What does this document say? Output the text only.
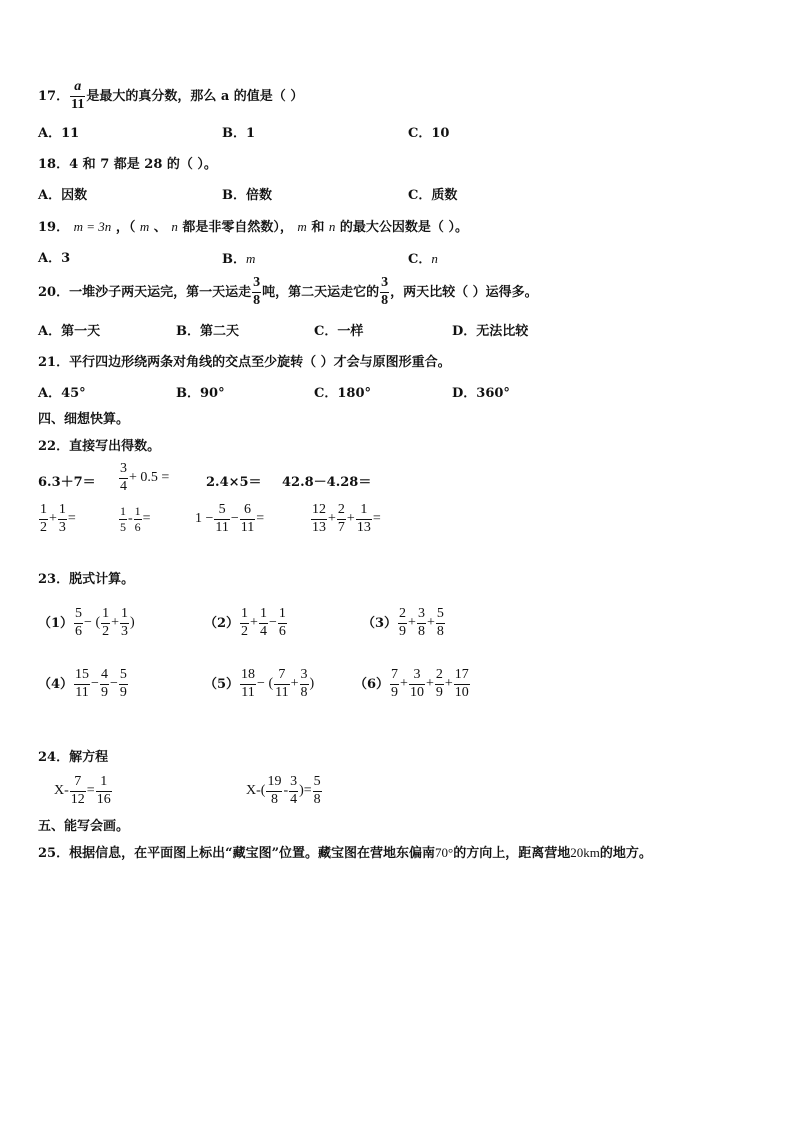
17． $\frac{a}{11}$ 是最大的真分数，那么 a 的值是（ ）
A．11	B．1	C．10
18．4 和 7 都是 28 的（ ）。
A．因数	B．倍数	C．质数
19． m = 3n ，（ m 、 n 都是非零自然数）， m 和 n 的最大公因数是（ ）。
A．3	B．m	C．n
20．一堆沙子两天运完，第一天运走 $\frac{3}{8}$ 吨，第二天运走它的 $\frac{3}{8}$ ，两天比较（ ）运得多。
A．第一天	B．第二天	C．一样	D．无法比较
21．平行四边形绕两条对角线的交点至少旋转（ ）才会与原图形重合。
A．45°	B．90°	C．180°	D．360°
四、细想快算。
22．直接写出得数。
$6.3+7= \frac{3}{4} + 0.5$ =	2.4×5＝ 42.8－4.28＝
$\frac{1}{2} + \frac{1}{3}$ =	$\frac{1}{5} - \frac{1}{6}$ =	$1 - \frac{5}{11} - \frac{6}{11}$ =	$\frac{12}{13} + \frac{2}{7} + \frac{1}{13}$ =
23．脱式计算。
$(1) \frac{5}{6}$ − ( $\frac{1}{2} + \frac{1}{3}$ )	$(2) \frac{1}{2} + \frac{1}{4} - \frac{1}{6}$	$(3) \frac{2}{9} + \frac{3}{8} + \frac{5}{8}$
$(4) \frac{15}{11} - \frac{4}{9} - \frac{5}{9}$	$(5) \frac{18}{11}$ − ( $\frac{7}{11} + \frac{3}{8}$ )	$(6) \frac{7}{9} + \frac{3}{10} + \frac{2}{9} + \frac{17}{10}$
24．解方程
$X- \frac{7}{12} = \frac{1}{16}$	$X-( \frac{19}{8} - \frac{3}{4}$ )= $\frac{5}{8}$
五、能写会画。
25．根据信息，在平面图上标出“藏宝图”位置。藏宝图在营地东偏南70°的方向上，距离营地20km的地方。
